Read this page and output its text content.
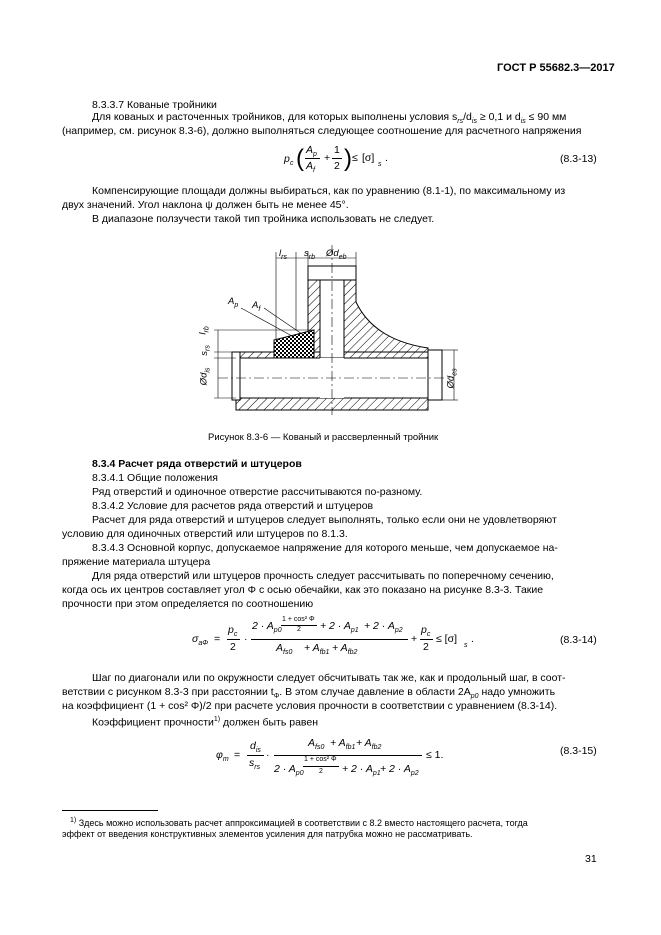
ГОСТ Р 55682.3—2017
8.3.3.7 Кованые тройники
Для кованых и расточенных тройников, для которых выполнены условия $s_{rs}/d_{is} \ge 0,1$ и $d_{is} \le 90$ мм
(например, см. рисунок 8.3-6), должно выполняться следующее соотношение для расчетного напряжения
p c ( $A_p$
$A_f$
+
1
2 ) ≤ [σ]
s
.	(8.3-13)
Компенсирующие площади должны выбираться, как по уравнению (8.1-1), по максимальному из
двух значений. Угол наклона ψ должен быть не менее 45°.
В диапазоне ползучести такой тип тройника использовать не следует.
$l_{rs}$ $s_{rb}$ $Ød_{eb}$
$A_p$ $A_f$
$l_{rb}$
$s_{rs}$
$Ød_{is}$
$Ød_{es}$
Рисунок 8.3-6 — Кованый и рассверленный тройник
8.3.4 Расчет ряда отверстий и штуцеров
8.3.4.1 Общие положения
Ряд отверстий и одиночное отверстие рассчитываются по-разному.
8.3.4.2 Условие для расчетов ряда отверстий и штуцеров
Расчет для ряда отверстий и штуцеров следует выполнять, только если они не удовлетворяют
условию для одиночных отверстий или штуцеров по 8.1.3.
8.3.4.3 Основной корпус, допускаемое напряжение для которого меньше, чем допускаемое на-
пряжение материала штуцера
Для ряда отверстий или штуцеров прочность следует рассчитывать по поперечному сечению,
когда ось их центров составляет угол Φ с осью обечайки, как это показано на рисунке 8.3-3. Такие
прочности при этом определяется по соотношению
$\sigma_{a\Phi}$ =
$p_c$
2
·
$2 \cdot A_{p0}$
1 + cos² Φ
$2 + 2 \cdot A_{p1} + 2 \cdot A_{p2}$
$A_{fs0} + A_{fb1} + A_{fb2}$
+
$p_c$
2
≤ [σ]
s
.	(8.3-14)
Шаг по диагонали или по окружности следует обсчитывать так же, как и продольный шаг, в соот-
ветствии с рисунком 8.3-3 при расстоянии $t_\Phi$. В этом случае давление в области $2A_{p0}$ надо умножить
на коэффициент (1 + cos² Φ)/2 при расчете условия прочности в соответствии с уравнением (8.3-14).
Коэффициент прочности$^{1)}$ должен быть равен
$\varphi_m$ =
$d_{is}$
$s_{rs}$
·
$A_{fs0} + A_{fb1} + A_{fb2}$
$2 \cdot A_{p0}$
1 + cos² Φ
$2 + 2 \cdot A_{p1} + 2 \cdot A_{p2}$
≤ 1.	(8.3-15)
$^{1)}$ Здесь можно использовать расчет аппроксимацией в соответствии с 8.2 вместо настоящего расчета, тогда
эффект от введения конструктивных элементов усиления для патрубка можно не рассматривать.
31
